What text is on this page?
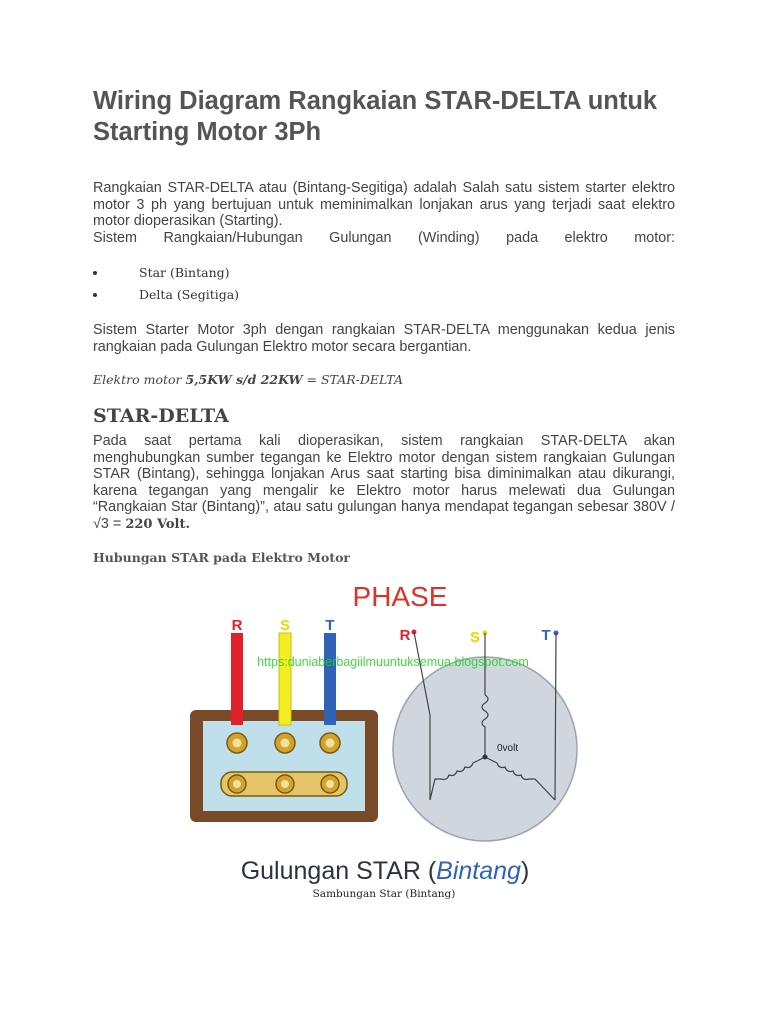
Wiring Diagram Rangkaian STAR-DELTA untuk Starting Motor 3Ph

Rangkaian STAR-DELTA atau (Bintang-Segitiga) adalah Salah satu sistem starter elektro motor 3 ph yang bertujuan untuk meminimalkan lonjakan arus yang terjadi saat elektro motor dioperasikan (Starting).

Sistem Rangkaian/Hubungan Gulungan (Winding) pada elektro motor:

Star (Bintang)
Delta (Segitiga)

Sistem Starter Motor 3ph dengan rangkaian STAR-DELTA menggunakan kedua jenis rangkaian pada Gulungan Elektro motor secara bergantian.

Elektro motor 5,5KW s/d 22KW = STAR-DELTA

STAR-DELTA

Pada saat pertama kali dioperasikan, sistem rangkaian STAR-DELTA akan menghubungkan sumber tegangan ke Elektro motor dengan sistem rangkaian Gulungan STAR (Bintang), sehingga lonjakan Arus saat starting bisa diminimalkan atau dikurangi, karena tegangan yang mengalir ke Elektro motor harus melewati dua Gulungan “Rangkaian Star (Bintang)”, atau satu gulungan hanya mendapat tegangan sebesar 380V / √3 = 220 Volt.

Hubungan STAR pada Elektro Motor

PHASE
R	S T
R	S	T
0volt
https:duniaberbagiilmuuntuksemua.blogspot.com
Gulungan STAR (Bintang)

Sambungan Star (Bintang)
